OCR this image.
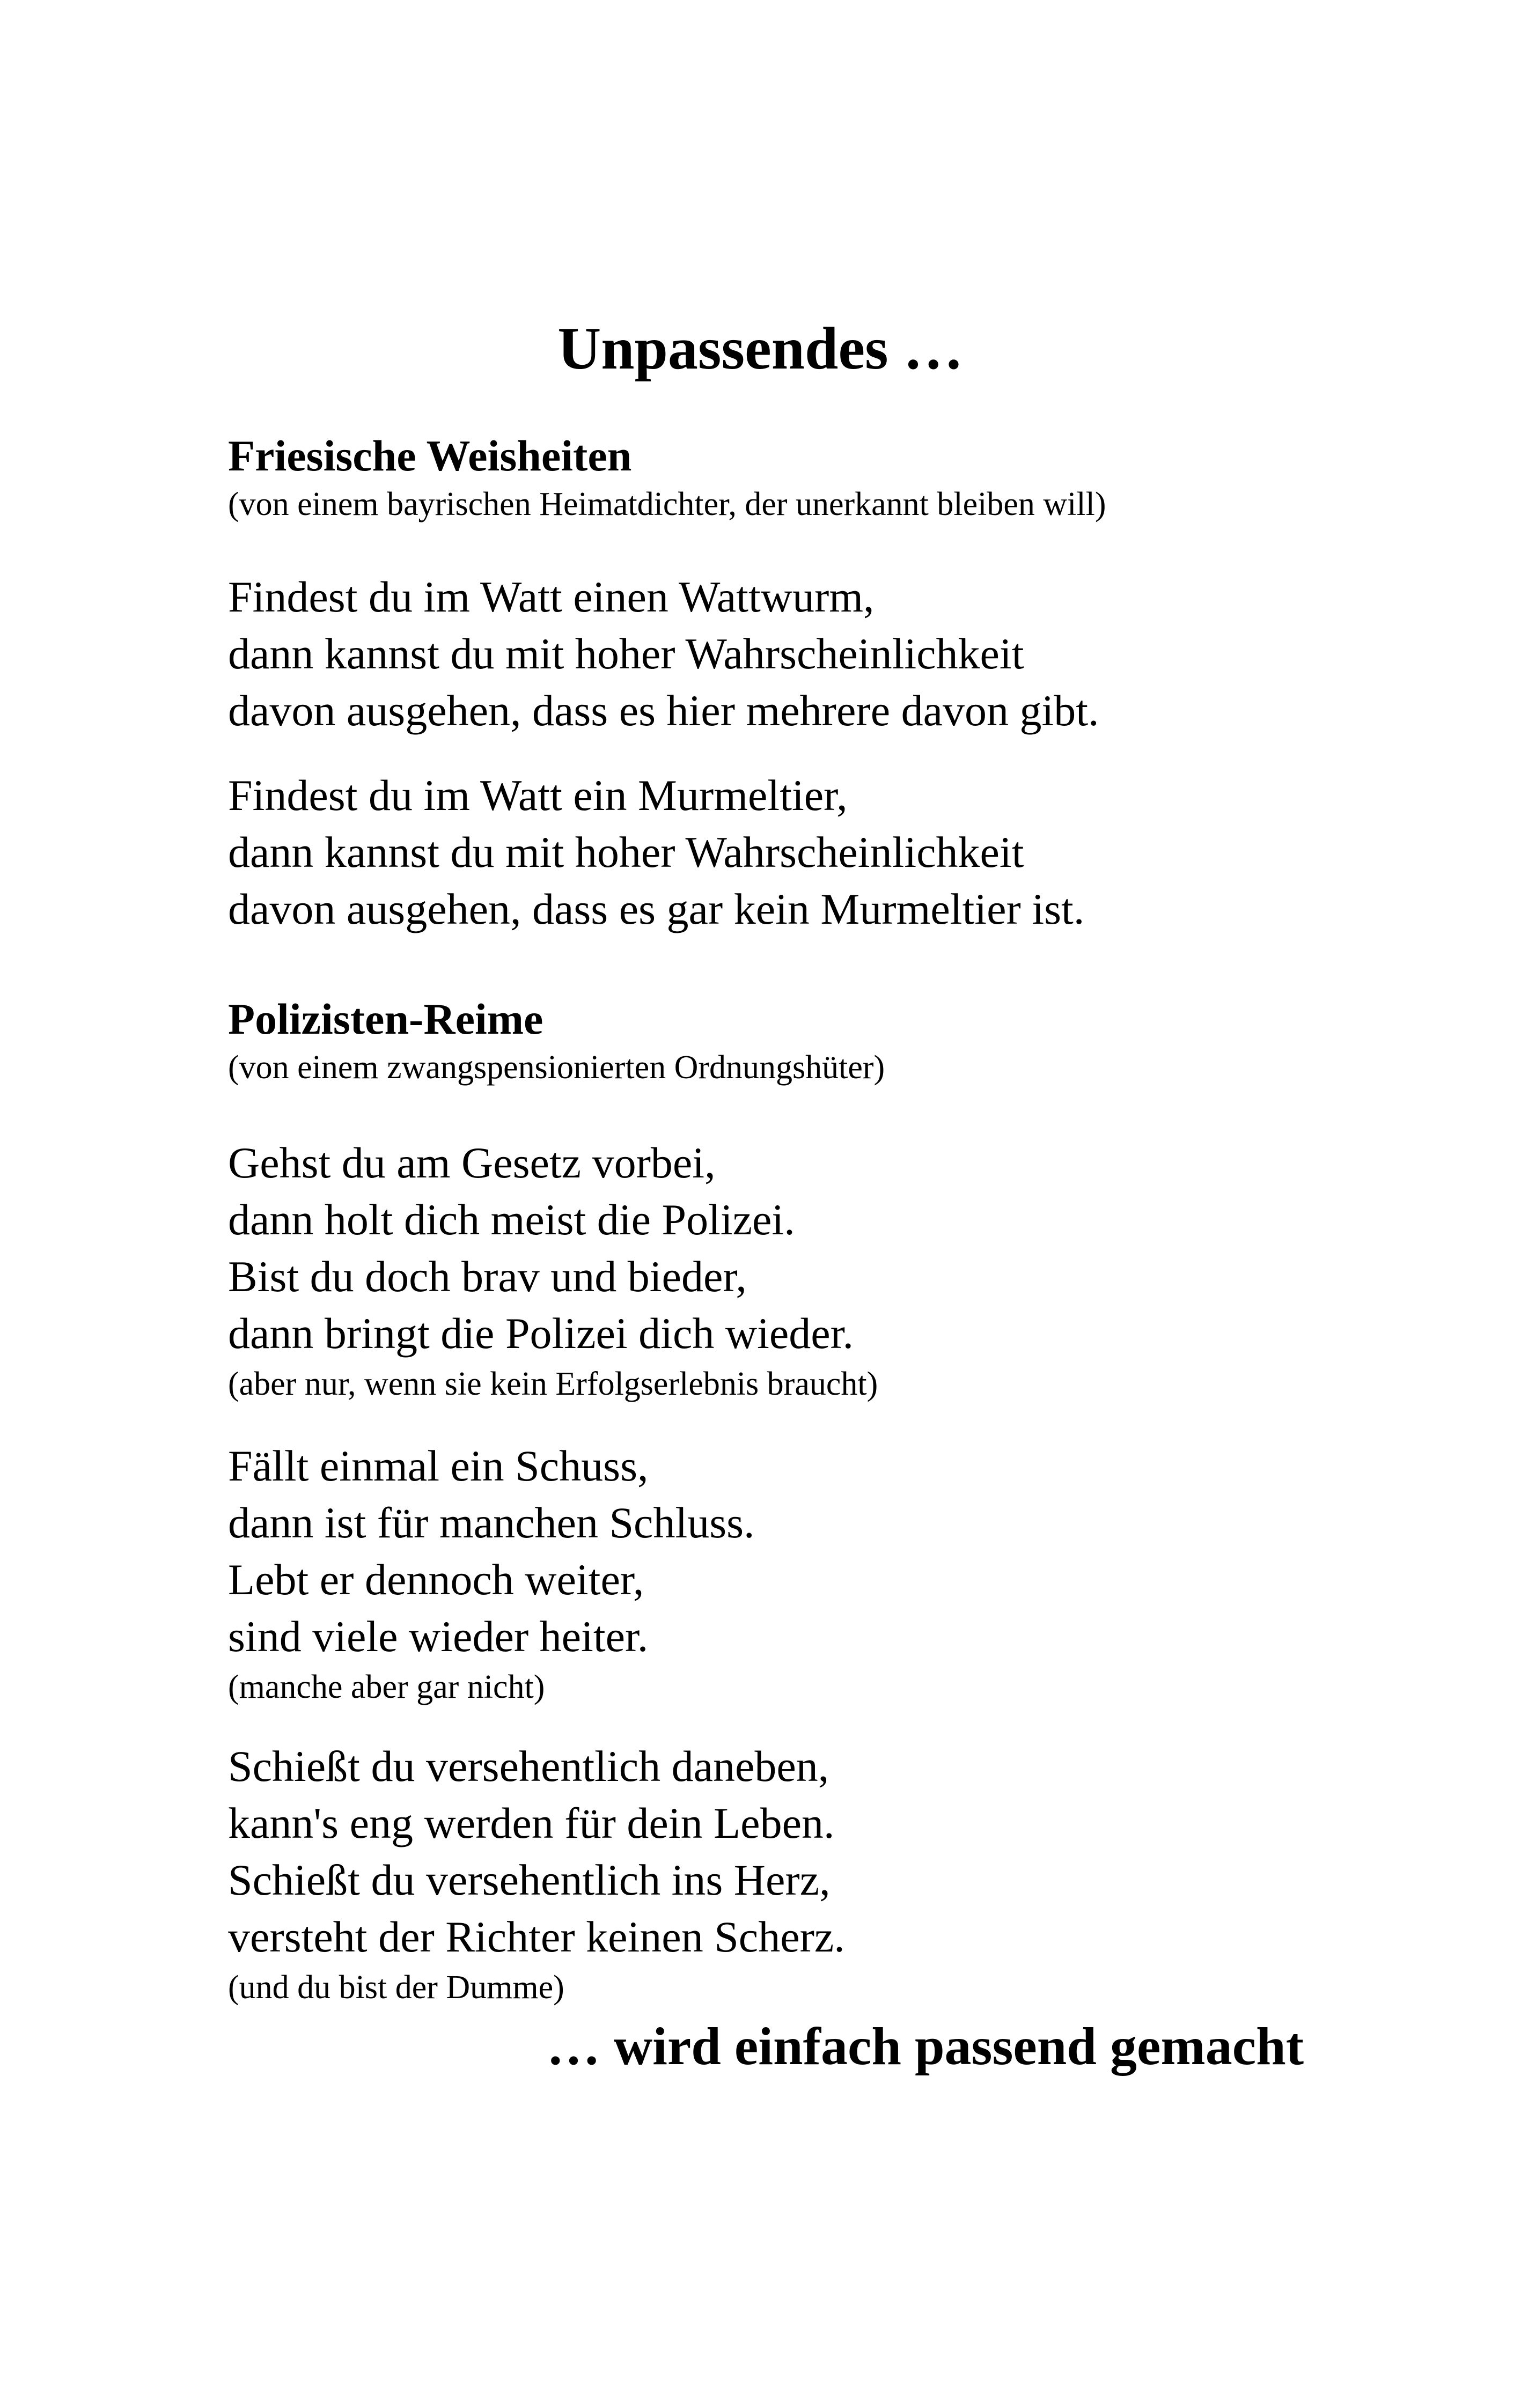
Unpassendes …
Friesische Weisheiten

(von einem bayrischen Heimatdichter, der unerkannt bleiben will)

Findest du im Watt einen Wattwurm,
dann kannst du mit hoher Wahrscheinlichkeit
davon ausgehen, dass es hier mehrere davon gibt.
Findest du im Watt ein Murmeltier,
dann kannst du mit hoher Wahrscheinlichkeit
davon ausgehen, dass es gar kein Murmeltier ist.
Polizisten-Reime

(von einem zwangspensionierten Ordnungshüter)

Gehst du am Gesetz vorbei,
dann holt dich meist die Polizei.
Bist du doch brav und bieder,
dann bringt die Polizei dich wieder.
(aber nur, wenn sie kein Erfolgserlebnis braucht)
Fällt einmal ein Schuss,
dann ist für manchen Schluss.
Lebt er dennoch weiter,
sind viele wieder heiter.
(manche aber gar nicht)
Schießt du versehentlich daneben,
kann's eng werden für dein Leben.
Schießt du versehentlich ins Herz,
versteht der Richter keinen Scherz.
(und du bist der Dumme)

… wird einfach passend gemacht
